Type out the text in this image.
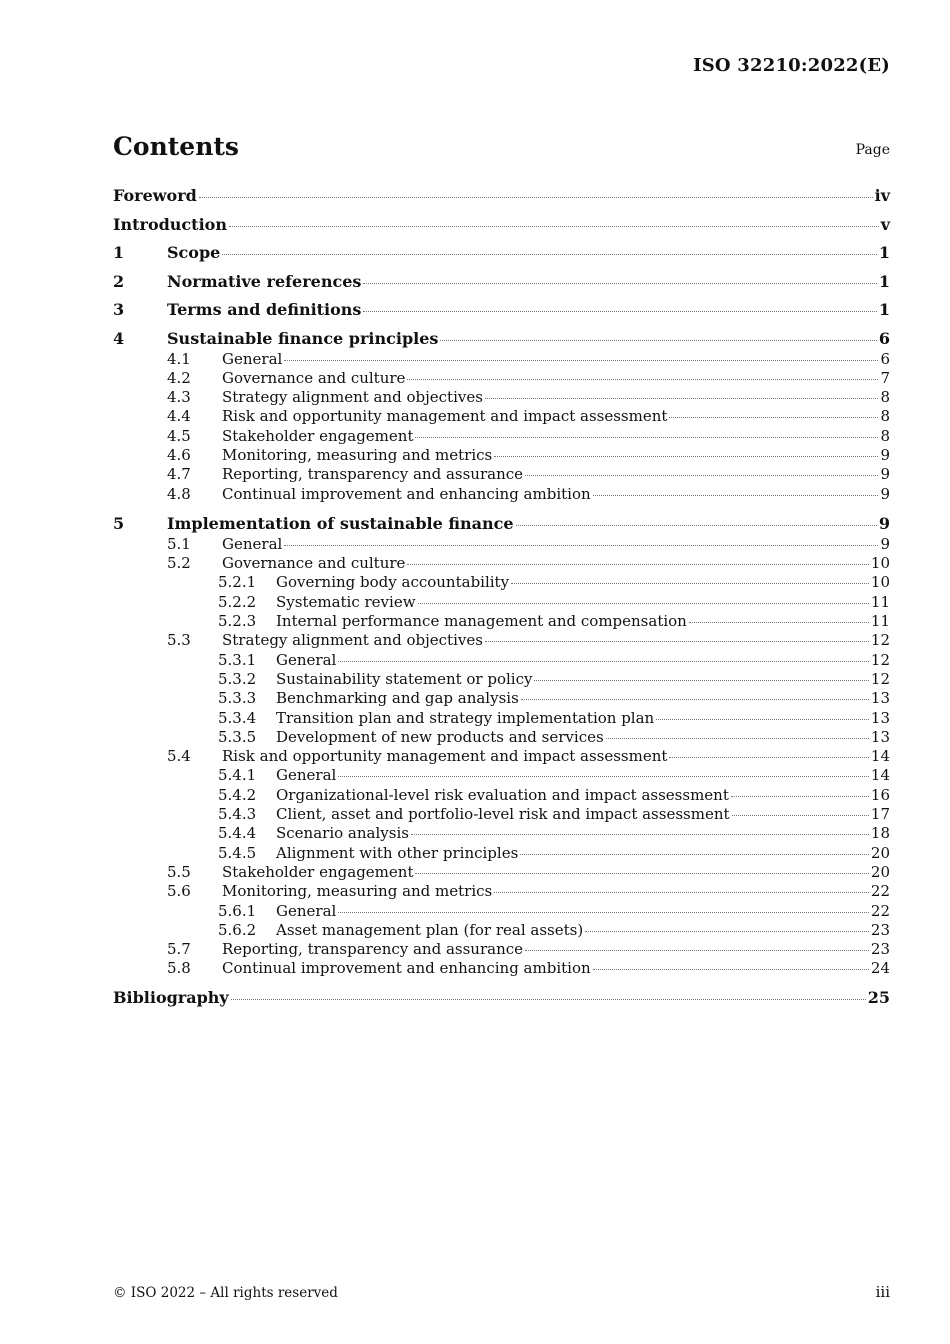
ISO 32210:2022(E)
Contents	Page
Foreword	iv
Introduction	v
1	Scope	1
2	Normative references	1
3	Terms and definitions	1
4	Sustainable finance principles	6
4.1	General	6
4.2	Governance and culture	7
4.3	Strategy alignment and objectives	8
4.4	Risk and opportunity management and impact assessment	8
4.5	Stakeholder engagement	8
4.6	Monitoring, measuring and metrics	9
4.7	Reporting, transparency and assurance	9
4.8	Continual improvement and enhancing ambition	9
5	Implementation of sustainable finance	9
5.1	General	9
5.2	Governance and culture	10
5.2.1	Governing body accountability	10
5.2.2	Systematic review	11
5.2.3	Internal performance management and compensation	11
5.3	Strategy alignment and objectives	12
5.3.1	General	12
5.3.2	Sustainability statement or policy	12
5.3.3	Benchmarking and gap analysis	13
5.3.4	Transition plan and strategy implementation plan	13
5.3.5	Development of new products and services	13
5.4	Risk and opportunity management and impact assessment	14
5.4.1	General	14
5.4.2	Organizational-level risk evaluation and impact assessment	16
5.4.3	Client, asset and portfolio-level risk and impact assessment	17
5.4.4	Scenario analysis	18
5.4.5	Alignment with other principles	20
5.5	Stakeholder engagement	20
5.6	Monitoring, measuring and metrics	22
5.6.1	General	22
5.6.2	Asset management plan (for real assets)	23
5.7	Reporting, transparency and assurance	23
5.8	Continual improvement and enhancing ambition	24
Bibliography	25
© ISO 2022 – All rights reserved	iii
